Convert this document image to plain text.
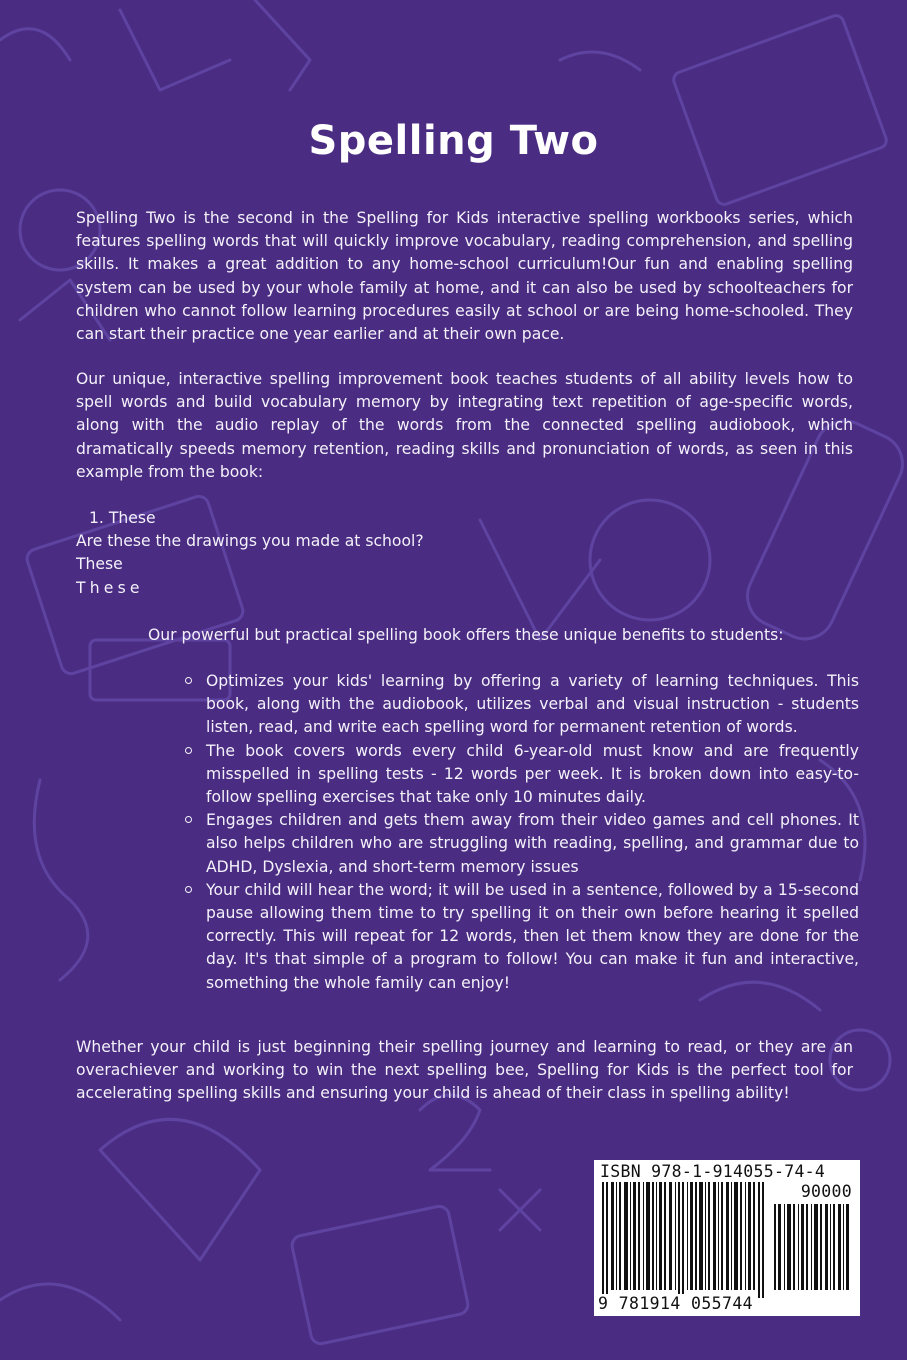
Spelling Two

Spelling Two is the second in the Spelling for Kids interactive spelling workbooks series, which features spelling words that will quickly improve vocabulary, reading comprehension, and spelling skills. It makes a great addition to any home-school curriculum!Our fun and enabling spelling system can be used by your whole family at home, and it can also be used by schoolteachers for children who cannot follow learning procedures easily at school or are being home-schooled. They can start their practice one year earlier and at their own pace.

Our unique, interactive spelling improvement book teaches students of all ability levels how to spell words and build vocabulary memory by integrating text repetition of age-specific words, along with the audio replay of the words from the connected spelling audiobook, which dramatically speeds memory retention, reading skills and pronunciation of words, as seen in this example from the book:

1. These
Are these the drawings you made at school?
These
These
Our powerful but practical spelling book offers these unique benefits to students:
Optimizes your kids' learning by offering a variety of learning techniques. This book, along with the audiobook, utilizes verbal and visual instruction - students listen, read, and write each spelling word for permanent retention of words.
The book covers words every child 6-year-old must know and are frequently misspelled in spelling tests - 12 words per week. It is broken down into easy-to-follow spelling exercises that take only 10 minutes daily.
Engages children and gets them away from their video games and cell phones. It also helps children who are struggling with reading, spelling, and grammar due to ADHD, Dyslexia, and short-term memory issues
Your child will hear the word; it will be used in a sentence, followed by a 15-second pause allowing them time to try spelling it on their own before hearing it spelled correctly. This will repeat for 12 words, then let them know they are done for the day. It's that simple of a program to follow! You can make it fun and interactive, something the whole family can enjoy!

Whether your child is just beginning their spelling journey and learning to read, or they are an overachiever and working to win the next spelling bee, Spelling for Kids is the perfect tool for accelerating spelling skills and ensuring your child is ahead of their class in spelling ability!

ISBN 978-1-914055-74-4
90000
9 781914 055744
